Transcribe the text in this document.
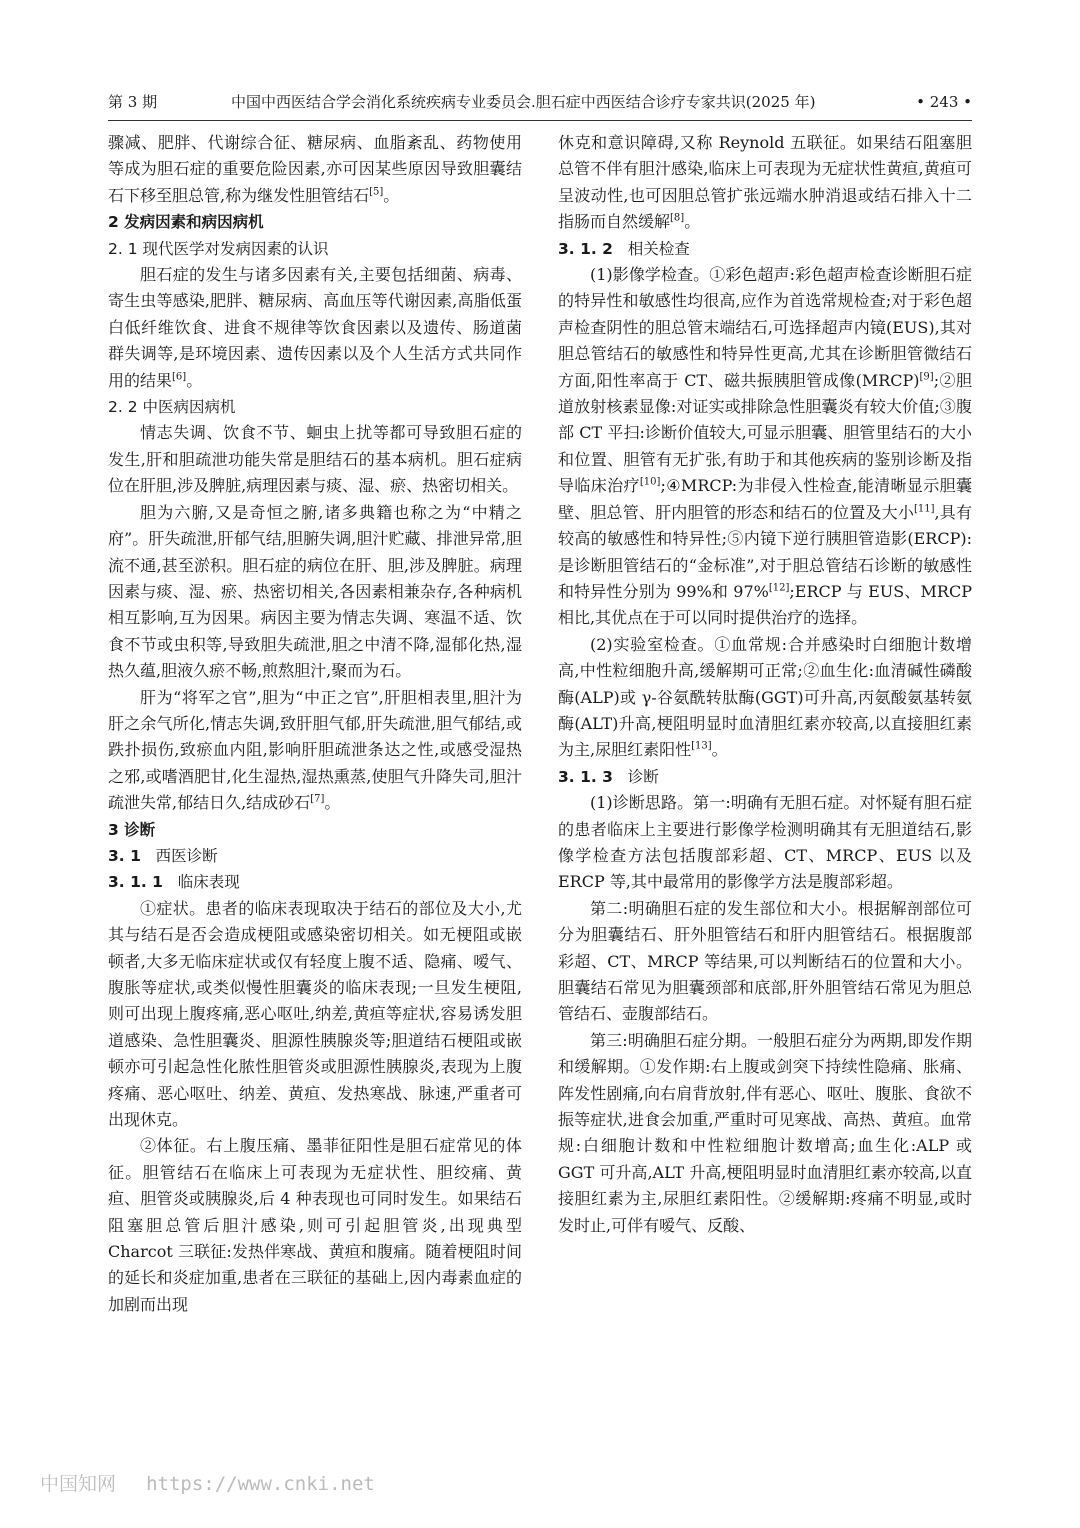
第 3 期	中国中西医结合学会消化系统疾病专业委员会.胆石症中西医结合诊疗专家共识(2025 年)	• 243 •

骤减、肥胖、代谢综合征、糖尿病、血脂紊乱、药物使用等成为胆石症的重要危险因素,亦可因某些原因导致胆囊结石下移至胆总管,称为继发性胆管结石[5]。

2 发病因素和病因病机

2. 1 现代医学对发病因素的认识

胆石症的发生与诸多因素有关,主要包括细菌、病毒、寄生虫等感染,肥胖、糖尿病、高血压等代谢因素,高脂低蛋白低纤维饮食、进食不规律等饮食因素以及遗传、肠道菌群失调等,是环境因素、遗传因素以及个人生活方式共同作用的结果[6]。

2. 2 中医病因病机

情志失调、饮食不节、蛔虫上扰等都可导致胆石症的发生,肝和胆疏泄功能失常是胆结石的基本病机。胆石症病位在肝胆,涉及脾脏,病理因素与痰、湿、瘀、热密切相关。

胆为六腑,又是奇恒之腑,诸多典籍也称之为“中精之府”。肝失疏泄,肝郁气结,胆腑失调,胆汁贮藏、排泄异常,胆流不通,甚至淤积。胆石症的病位在肝、胆,涉及脾脏。病理因素与痰、湿、瘀、热密切相关,各因素相兼杂存,各种病机相互影响,互为因果。病因主要为情志失调、寒温不适、饮食不节或虫积等,导致胆失疏泄,胆之中清不降,湿郁化热,湿热久蕴,胆液久瘀不畅,煎熬胆汁,聚而为石。

肝为“将军之官”,胆为“中正之官”,肝胆相表里,胆汁为肝之余气所化,情志失调,致肝胆气郁,肝失疏泄,胆气郁结,或跌扑损伤,致瘀血内阻,影响肝胆疏泄条达之性,或感受湿热之邪,或嗜酒肥甘,化生湿热,湿热熏蒸,使胆气升降失司,胆汁疏泄失常,郁结日久,结成砂石[7]。

3 诊断

3. 1 西医诊断

3. 1. 1 临床表现

①症状。患者的临床表现取决于结石的部位及大小,尤其与结石是否会造成梗阻或感染密切相关。如无梗阻或嵌顿者,大多无临床症状或仅有轻度上腹不适、隐痛、嗳气、腹胀等症状,或类似慢性胆囊炎的临床表现;一旦发生梗阻,则可出现上腹疼痛,恶心呕吐,纳差,黄疸等症状,容易诱发胆道感染、急性胆囊炎、胆源性胰腺炎等;胆道结石梗阻或嵌顿亦可引起急性化脓性胆管炎或胆源性胰腺炎,表现为上腹疼痛、恶心呕吐、纳差、黄疸、发热寒战、脉速,严重者可出现休克。

②体征。右上腹压痛、墨菲征阳性是胆石症常见的体征。胆管结石在临床上可表现为无症状性、胆绞痛、黄疸、胆管炎或胰腺炎,后 4 种表现也可同时发生。如果结石阻塞胆总管后胆汁感染,则可引起胆管炎,出现典型 Charcot 三联征:发热伴寒战、黄疸和腹痛。随着梗阻时间的延长和炎症加重,患者在三联征的基础上,因内毒素血症的加剧而出现

休克和意识障碍,又称 Reynold 五联征。如果结石阻塞胆总管不伴有胆汁感染,临床上可表现为无症状性黄疸,黄疸可呈波动性,也可因胆总管扩张远端水肿消退或结石排入十二指肠而自然缓解[8]。

3. 1. 2 相关检查

(1)影像学检查。①彩色超声:彩色超声检查诊断胆石症的特异性和敏感性均很高,应作为首选常规检查;对于彩色超声检查阴性的胆总管末端结石,可选择超声内镜(EUS),其对胆总管结石的敏感性和特异性更高,尤其在诊断胆管微结石方面,阳性率高于 CT、磁共振胰胆管成像(MRCP)[9];②胆道放射核素显像:对证实或排除急性胆囊炎有较大价值;③腹部 CT 平扫:诊断价值较大,可显示胆囊、胆管里结石的大小和位置、胆管有无扩张,有助于和其他疾病的鉴别诊断及指导临床治疗[10];④MRCP:为非侵入性检查,能清晰显示胆囊壁、胆总管、肝内胆管的形态和结石的位置及大小[11],具有较高的敏感性和特异性;⑤内镜下逆行胰胆管造影(ERCP):是诊断胆管结石的“金标准”,对于胆总管结石诊断的敏感性和特异性分别为 99%和 97%[12];ERCP 与 EUS、MRCP 相比,其优点在于可以同时提供治疗的选择。

(2)实验室检查。①血常规:合并感染时白细胞计数增高,中性粒细胞升高,缓解期可正常;②血生化:血清碱性磷酸酶(ALP)或 γ-谷氨酰转肽酶(GGT)可升高,丙氨酸氨基转氨酶(ALT)升高,梗阻明显时血清胆红素亦较高,以直接胆红素为主,尿胆红素阳性[13]。

3. 1. 3 诊断

(1)诊断思路。第一:明确有无胆石症。对怀疑有胆石症的患者临床上主要进行影像学检测明确其有无胆道结石,影像学检查方法包括腹部彩超、CT、MRCP、EUS 以及 ERCP 等,其中最常用的影像学方法是腹部彩超。

第二:明确胆石症的发生部位和大小。根据解剖部位可分为胆囊结石、肝外胆管结石和肝内胆管结石。根据腹部彩超、CT、MRCP 等结果,可以判断结石的位置和大小。胆囊结石常见为胆囊颈部和底部,肝外胆管结石常见为胆总管结石、壶腹部结石。

第三:明确胆石症分期。一般胆石症分为两期,即发作期和缓解期。①发作期:右上腹或剑突下持续性隐痛、胀痛、阵发性剧痛,向右肩背放射,伴有恶心、呕吐、腹胀、食欲不振等症状,进食会加重,严重时可见寒战、高热、黄疸。血常规:白细胞计数和中性粒细胞计数增高;血生化:ALP 或 GGT 可升高,ALT 升高,梗阻明显时血清胆红素亦较高,以直接胆红素为主,尿胆红素阳性。②缓解期:疼痛不明显,或时发时止,可伴有嗳气、反酸、

中国知网 https://www.cnki.net
